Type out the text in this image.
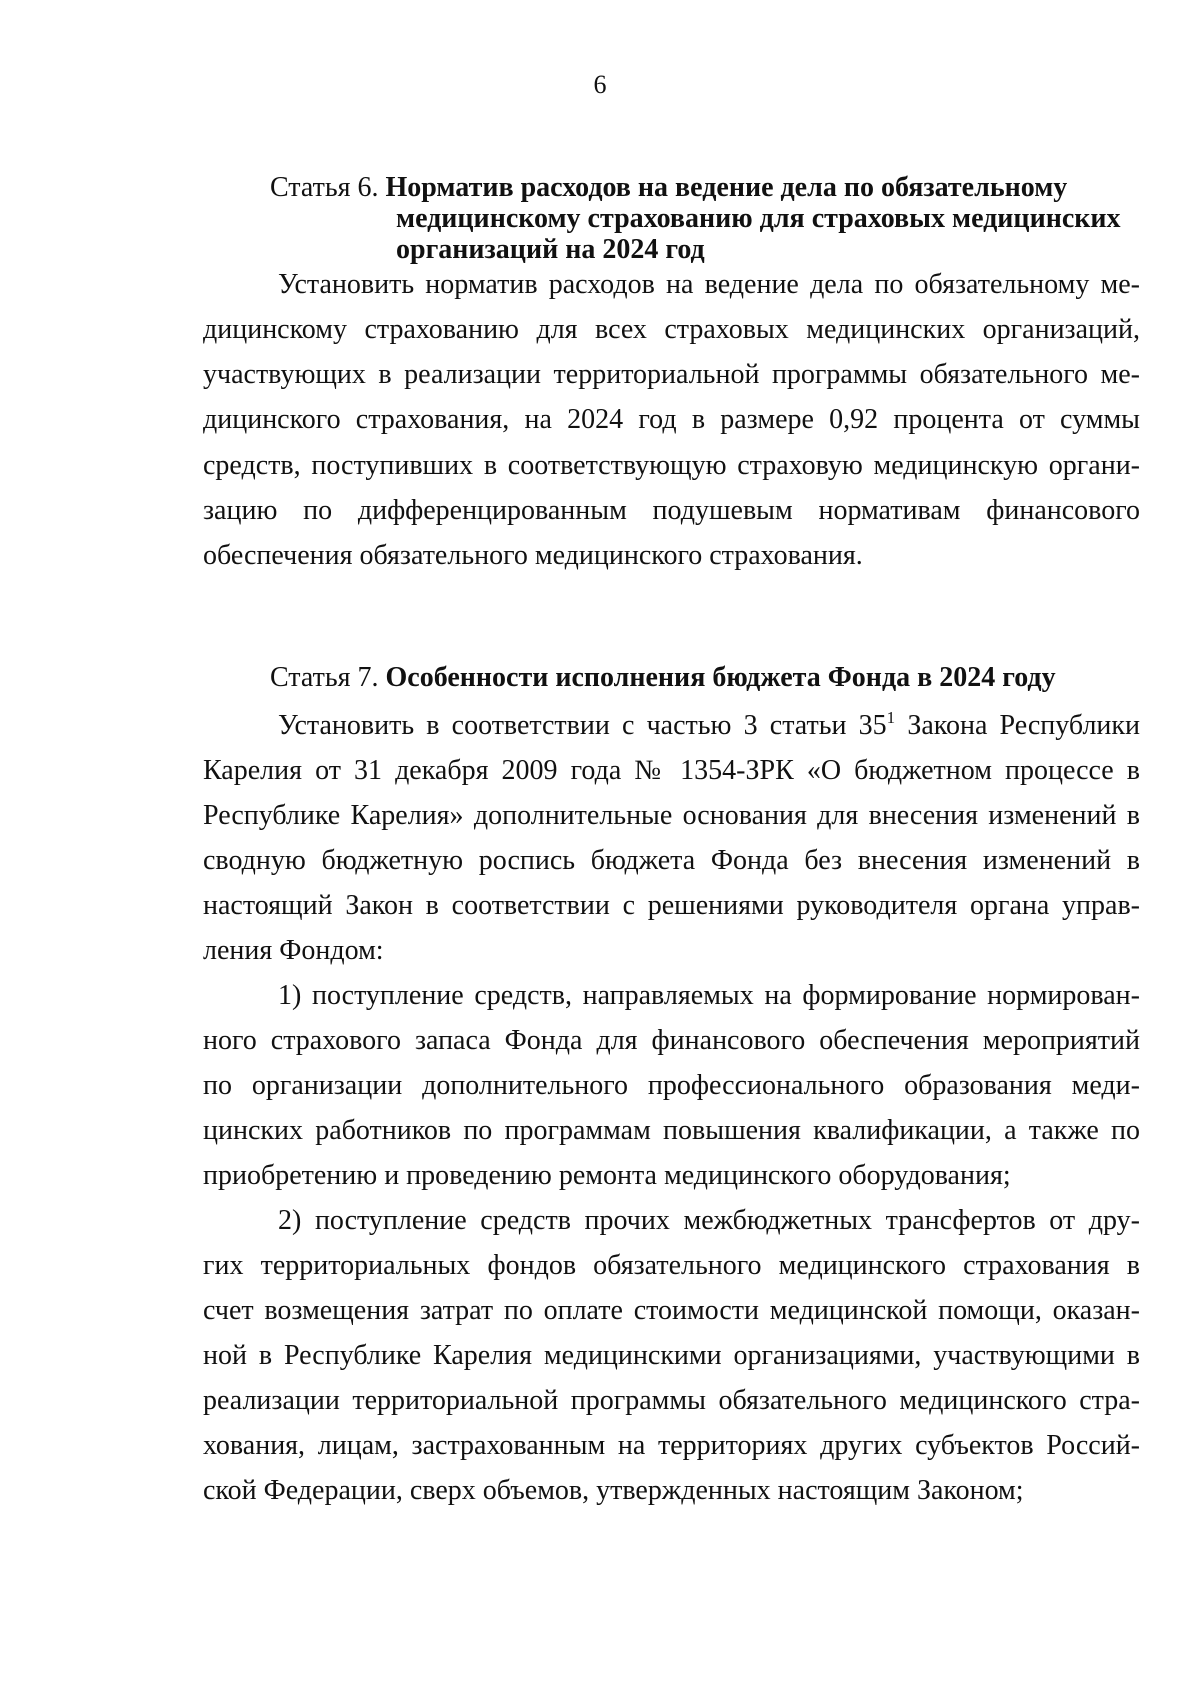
6
Статья 6. Норматив расходов на ведение дела по обязательному
медицинскому страхованию для страховых медицинских
организаций на 2024 год
Установить норматив расходов на ведение дела по обязательному ме-
дицинскому страхованию для всех страховых медицинских организаций,
участвующих в реализации территориальной программы обязательного ме-
дицинского страхования, на 2024 год в размере 0,92 процента от суммы
средств, поступивших в соответствующую страховую медицинскую органи-
зацию по дифференцированным подушевым нормативам финансового
обеспечения обязательного медицинского страхования.
Статья 7. Особенности исполнения бюджета Фонда в 2024 году
Установить в соответствии с частью 3 статьи $35^1$ Закона Республики
Карелия от 31 декабря 2009 года № 1354-ЗРК «О бюджетном процессе в
Республике Карелия» дополнительные основания для внесения изменений в
сводную бюджетную роспись бюджета Фонда без внесения изменений в
настоящий Закон в соответствии с решениями руководителя органа управ-
ления Фондом:
1) поступление средств, направляемых на формирование нормирован-
ного страхового запаса Фонда для финансового обеспечения мероприятий
по организации дополнительного профессионального образования меди-
цинских работников по программам повышения квалификации, а также по
приобретению и проведению ремонта медицинского оборудования;
2) поступление средств прочих межбюджетных трансфертов от дру-
гих территориальных фондов обязательного медицинского страхования в
счет возмещения затрат по оплате стоимости медицинской помощи, оказан-
ной в Республике Карелия медицинскими организациями, участвующими в
реализации территориальной программы обязательного медицинского стра-
хования, лицам, застрахованным на территориях других субъектов Россий-
ской Федерации, сверх объемов, утвержденных настоящим Законом;
